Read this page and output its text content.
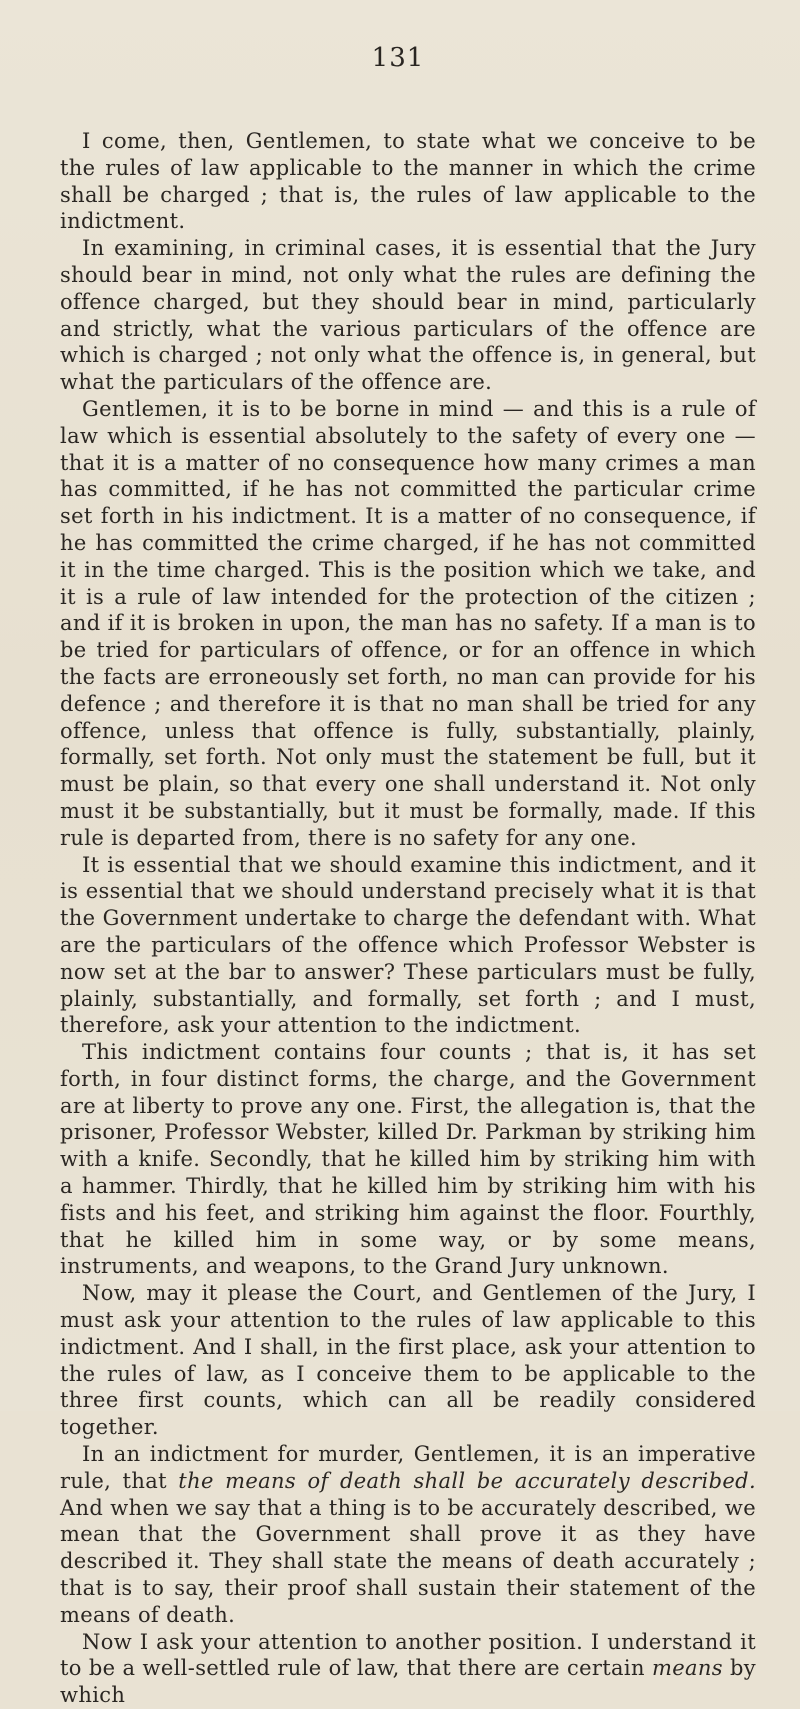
131

I come, then, Gentlemen, to state what we conceive to be the rules of law applicable to the manner in which the crime shall be charged ; that is, the rules of law applicable to the indictment.

In examining, in criminal cases, it is essential that the Jury should bear in mind, not only what the rules are defining the offence charged, but they should bear in mind, particularly and strictly, what the various particulars of the offence are which is charged ; not only what the offence is, in general, but what the particulars of the offence are.

Gentlemen, it is to be borne in mind — and this is a rule of law which is essential absolutely to the safety of every one — that it is a matter of no consequence how many crimes a man has committed, if he has not committed the particular crime set forth in his indictment. It is a matter of no consequence, if he has committed the crime charged, if he has not committed it in the time charged. This is the position which we take, and it is a rule of law intended for the protection of the citizen ; and if it is broken in upon, the man has no safety. If a man is to be tried for particulars of offence, or for an offence in which the facts are erroneously set forth, no man can provide for his defence ; and therefore it is that no man shall be tried for any offence, unless that offence is fully, substantially, plainly, formally, set forth. Not only must the statement be full, but it must be plain, so that every one shall understand it. Not only must it be substantially, but it must be formally, made. If this rule is departed from, there is no safety for any one.

It is essential that we should examine this indictment, and it is essential that we should understand precisely what it is that the Government undertake to charge the defendant with. What are the particulars of the offence which Professor Webster is now set at the bar to answer? These particulars must be fully, plainly, substantially, and formally, set forth ; and I must, therefore, ask your attention to the indictment.

This indictment contains four counts ; that is, it has set forth, in four distinct forms, the charge, and the Government are at liberty to prove any one. First, the allegation is, that the prisoner, Professor Webster, killed Dr. Parkman by striking him with a knife. Secondly, that he killed him by striking him with a hammer. Thirdly, that he killed him by striking him with his fists and his feet, and striking him against the floor. Fourthly, that he killed him in some way, or by some means, instruments, and weapons, to the Grand Jury unknown.

Now, may it please the Court, and Gentlemen of the Jury, I must ask your attention to the rules of law applicable to this indictment. And I shall, in the first place, ask your attention to the rules of law, as I conceive them to be applicable to the three first counts, which can all be readily considered together.

In an indictment for murder, Gentlemen, it is an imperative rule, that the means of death shall be accurately described. And when we say that a thing is to be accurately described, we mean that the Government shall prove it as they have described it. They shall state the means of death accurately ; that is to say, their proof shall sustain their statement of the means of death.

Now I ask your attention to another position. I understand it to be a well-settled rule of law, that there are certain means by which
